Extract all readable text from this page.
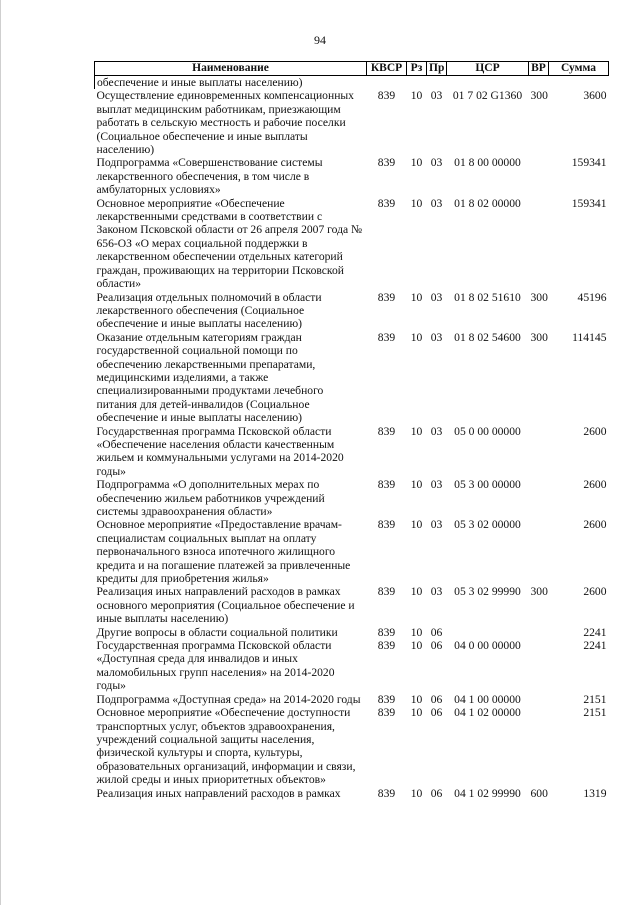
94
Наименование	КВСР	Рз	Пр	ЦСР	ВР	Сумма
обеспечение и иные выплаты населению)						
Осуществление единовременных компенсационных выплат медицинским работникам, приезжающим работать в сельскую местность и рабочие поселки (Социальное обеспечение и иные выплаты населению)	839	10	03	01 7 02 G1360	300	3600
Подпрограмма «Совершенствование системы лекарственного обеспечения, в том числе в амбулаторных условиях»	839	10	03	01 8 00 00000		159341
Основное мероприятие «Обеспечение лекарственными средствами в соответствии с Законом Псковской области от 26 апреля 2007 года № 656-ОЗ «О мерах социальной поддержки в лекарственном обеспечении отдельных категорий граждан, проживающих на территории Псковской области»	839	10	03	01 8 02 00000		159341
Реализация отдельных полномочий в области лекарственного обеспечения (Социальное обеспечение и иные выплаты населению)	839	10	03	01 8 02 51610	300	45196
Оказание отдельным категориям граждан государственной социальной помощи по обеспечению лекарственными препаратами, медицинскими изделиями, а также специализированными продуктами лечебного питания для детей-инвалидов (Социальное обеспечение и иные выплаты населению)	839	10	03	01 8 02 54600	300	114145
Государственная программа Псковской области «Обеспечение населения области качественным жильем и коммунальными услугами на 2014-2020 годы»	839	10	03	05 0 00 00000		2600
Подпрограмма «О дополнительных мерах по обеспечению жильем работников учреждений системы здравоохранения области»	839	10	03	05 3 00 00000		2600
Основное мероприятие «Предоставление врачам-специалистам социальных выплат на оплату первоначального взноса ипотечного жилищного кредита и на погашение платежей за привлеченные кредиты для приобретения жилья»	839	10	03	05 3 02 00000		2600
Реализация иных направлений расходов в рамках основного мероприятия (Социальное обеспечение и иные выплаты населению)	839	10	03	05 3 02 99990	300	2600
Другие вопросы в области социальной политики	839	10	06			2241
Государственная программа Псковской области «Доступная среда для инвалидов и иных маломобильных групп населения» на 2014-2020 годы»	839	10	06	04 0 00 00000		2241
Подпрограмма «Доступная среда» на 2014-2020 годы	839	10	06	04 1 00 00000		2151
Основное мероприятие «Обеспечение доступности транспортных услуг, объектов здравоохранения, учреждений социальной защиты населения, физической культуры и спорта, культуры, образовательных организаций, информации и связи, жилой среды и иных приоритетных объектов»	839	10	06	04 1 02 00000		2151
Реализация иных направлений расходов в рамках	839	10	06	04 1 02 99990	600	1319
